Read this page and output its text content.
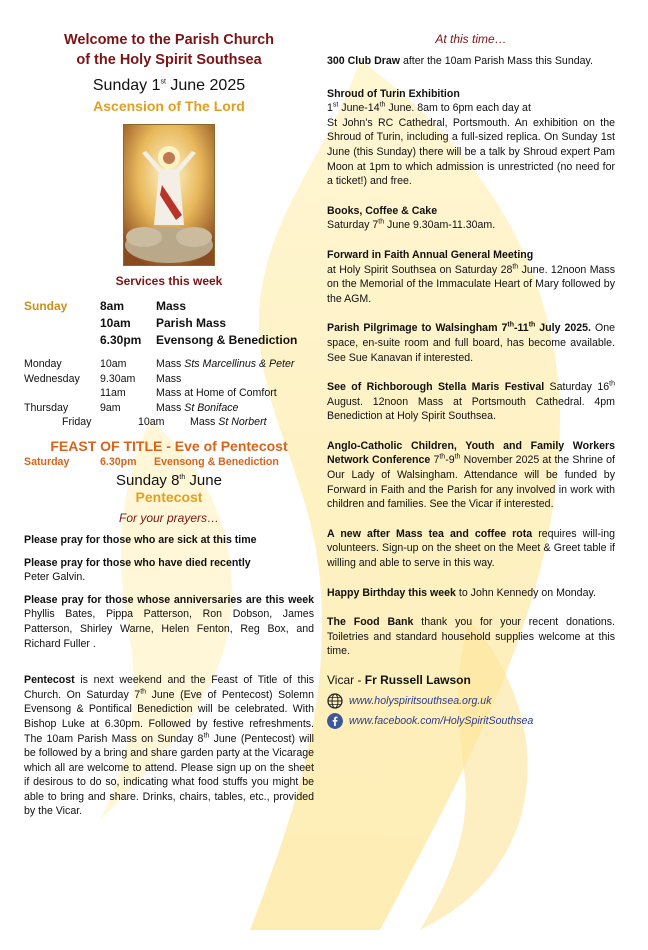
Welcome to the Parish Church
of the Holy Spirit Southsea
Sunday 1st June 2025
Ascension of The Lord
Services this week
Sunday	8am	Mass
	10am	Parish Mass
	6.30pm	Evensong & Benediction

Monday	10am	Mass Sts Marcellinus & Peter
Wednesday	9.30am	Mass
	11am	Mass at Home of Comfort
Thursday	9am	Mass St Boniface
Friday	10am Mass St Norbert
FEAST OF TITLE - Eve of Pentecost
Saturday	6.30pm Evensong & Benediction
Sunday 8th June
Pentecost
For your prayers…

Please pray for those who are sick at this time

Please pray for those who have died recently

Peter Galvin.

Please pray for those whose anniversaries are this week Phyllis Bates, Pippa Patterson, Ron Dobson, James Patterson, Shirley Warne, Helen Fenton, Reg Box, and Richard Fuller .

Pentecost is next weekend and the Feast of Title of this Church. On Saturday 7th June (Eve of Pentecost) Solemn Evensong & Pontifical Benediction will be celebrated. With Bishop Luke at 6.30pm. Followed by festive refreshments. The 10am Parish Mass on Sunday 8th June (Pentecost) will be followed by a bring and share garden party at the Vicarage which all are welcome to attend. Please sign up on the sheet if desirous to do so, indicating what food stuffs you might be able to bring and share. Drinks, chairs, tables, etc., provided by the Vicar.

At this time…

300 Club Draw after the 10am Parish Mass this Sunday.

Shroud of Turin Exhibition

1st June-14th June. 8am to 6pm each day at

St John's RC Cathedral, Portsmouth. An exhibition on the Shroud of Turin, including a full-sized replica. On Sunday 1st June (this Sunday) there will be a talk by Shroud expert Pam Moon at 1pm to which admission is unrestricted (no need for a ticket!) and free.

Books, Coffee & Cake

Saturday 7th June 9.30am-11.30am.

Forward in Faith Annual General Meeting

at Holy Spirit Southsea on Saturday 28th June. 12noon Mass on the Memorial of the Immaculate Heart of Mary followed by the AGM.

Parish Pilgrimage to Walsingham 7th-11th July 2025. One space, en-suite room and full board, has become available. See Sue Kanavan if interested.

See of Richborough Stella Maris Festival Saturday 16th August. 12noon Mass at Portsmouth Cathedral. 4pm Benediction at Holy Spirit Southsea.

Anglo-Catholic Children, Youth and Family Workers Network Conference 7th-9th November 2025 at the Shrine of Our Lady of Walsingham. Attendance will be funded by Forward in Faith and the Parish for any involved in work with children and families. See the Vicar if interested.

A new after Mass tea and coffee rota requires will-ing volunteers. Sign-up on the sheet on the Meet & Greet table if willing and able to serve in this way.

Happy Birthday this week to John Kennedy on Monday.

The Food Bank thank you for your recent donations. Toiletries and standard household supplies welcome at this time.

Vicar - Fr Russell Lawson
www.holyspiritsouthsea.org.uk
www.facebook.com/HolySpiritSouthsea
